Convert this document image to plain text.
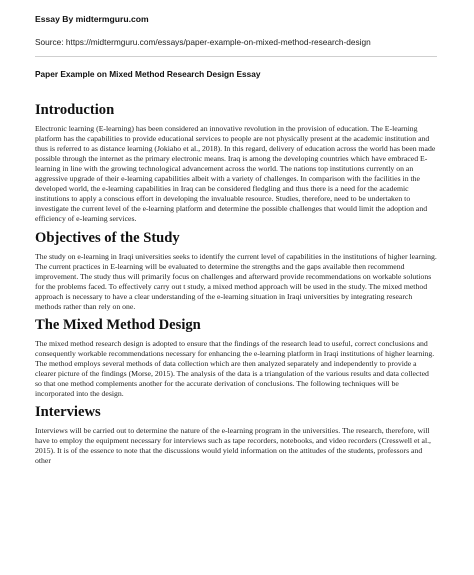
Essay By midtermguru.com
Source: https://midtermguru.com/essays/paper-example-on-mixed-method-research-design
Paper Example on Mixed Method Research Design Essay
Introduction

Electronic learning (E-learning) has been considered an innovative revolution in the provision of education. The E-learning platform has the capabilities to provide educational services to people are not physically present at the academic institution and thus is referred to as distance learning (Jokiaho et al., 2018). In this regard, delivery of education across the world has been made possible through the internet as the primary electronic means. Iraq is among the developing countries which have embraced E-learning in line with the growing technological advancement across the world. The nations top institutions currently on an aggressive upgrade of their e-learning capabilities albeit with a variety of challenges. In comparison with the facilities in the developed world, the e-learning capabilities in Iraq can be considered fledgling and thus there is a need for the academic institutions to apply a conscious effort in developing the invaluable resource. Studies, therefore, need to be undertaken to investigate the current level of the e-learning platform and determine the possible challenges that would limit the adoption and efficiency of e-learning services.

Objectives of the Study

The study on e-learning in Iraqi universities seeks to identify the current level of capabilities in the institutions of higher learning. The current practices in E-learning will be evaluated to determine the strengths and the gaps available then recommend improvement. The study thus will primarily focus on challenges and afterward provide recommendations on workable solutions for the problems faced. To effectively carry out t study, a mixed method approach will be used in the study. The mixed method approach is necessary to have a clear understanding of the e-learning situation in Iraqi universities by integrating research methods rather than rely on one.

The Mixed Method Design

The mixed method research design is adopted to ensure that the findings of the research lead to useful, correct conclusions and consequently workable recommendations necessary for enhancing the e-learning platform in Iraqi institutions of higher learning. The method employs several methods of data collection which are then analyzed separately and independently to provide a clearer picture of the findings (Morse, 2015). The analysis of the data is a triangulation of the various results and data collected so that one method complements another for the accurate derivation of conclusions. The following techniques will be incorporated into the design.

Interviews

Interviews will be carried out to determine the nature of the e-learning program in the universities. The research, therefore, will have to employ the equipment necessary for interviews such as tape recorders, notebooks, and video recorders (Cresswell et al., 2015). It is of the essence to note that the discussions would yield information on the attitudes of the students, professors and other
